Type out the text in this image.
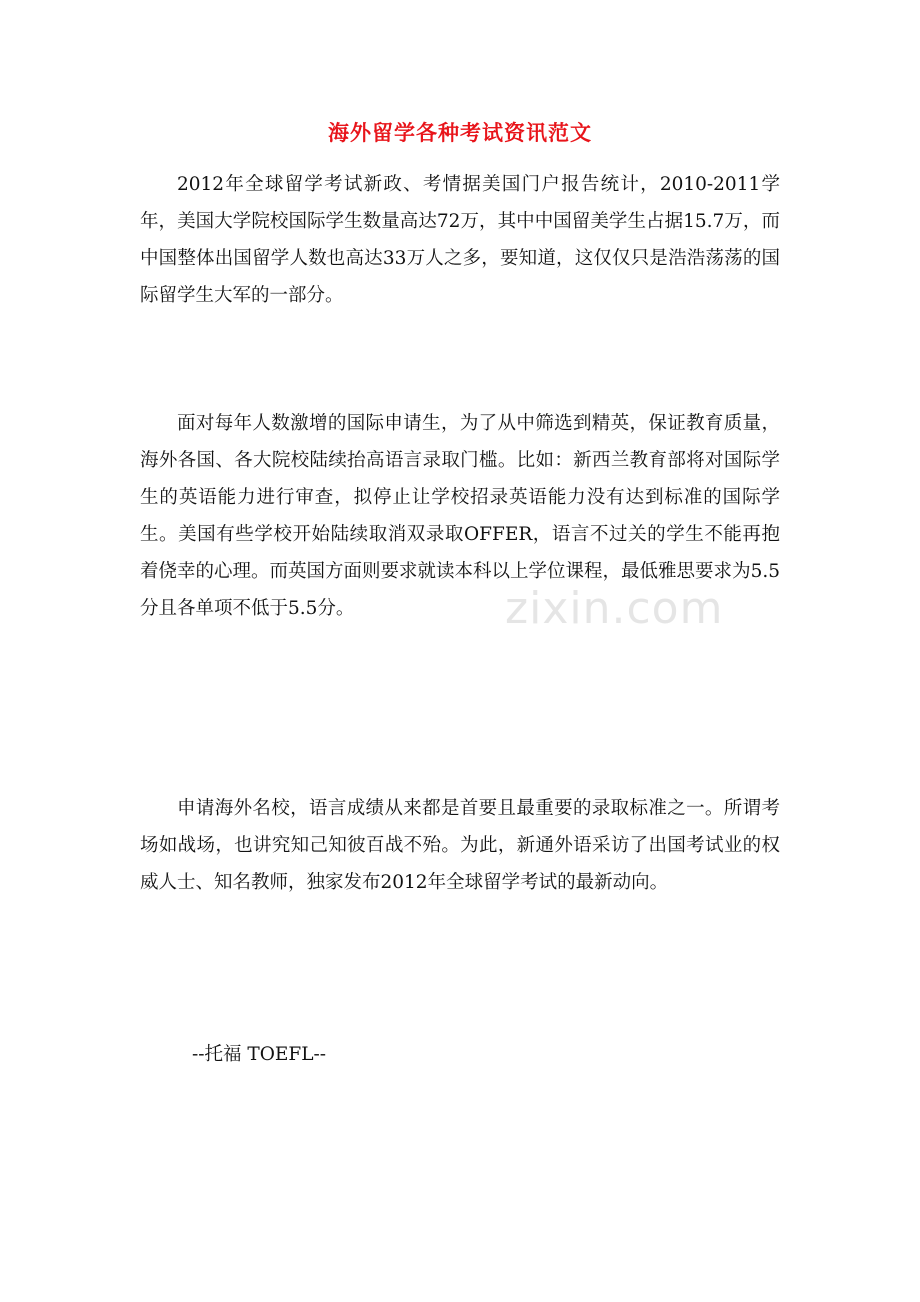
海外留学各种考试资讯范文

2012年全球留学考试新政、考情据美国门户报告统计，2010-2011学年，美国大学院校国际学生数量高达72万，其中中国留美学生占据15.7万，而中国整体出国留学人数也高达33万人之多，要知道，这仅仅只是浩浩荡荡的国际留学生大军的一部分。

面对每年人数激增的国际申请生，为了从中筛选到精英，保证教育质量，海外各国、各大院校陆续抬高语言录取门槛。比如：新西兰教育部将对国际学生的英语能力进行审查，拟停止让学校招录英语能力没有达到标准的国际学生。美国有些学校开始陆续取消双录取OFFER，语言不过关的学生不能再抱着侥幸的心理。而英国方面则要求就读本科以上学位课程，最低雅思要求为5.5分且各单项不低于5.5分。

申请海外名校，语言成绩从来都是首要且最重要的录取标准之一。所谓考场如战场，也讲究知己知彼百战不殆。为此，新通外语采访了出国考试业的权威人士、知名教师，独家发布2012年全球留学考试的最新动向。

--托福 TOEFL--

zixin.com
